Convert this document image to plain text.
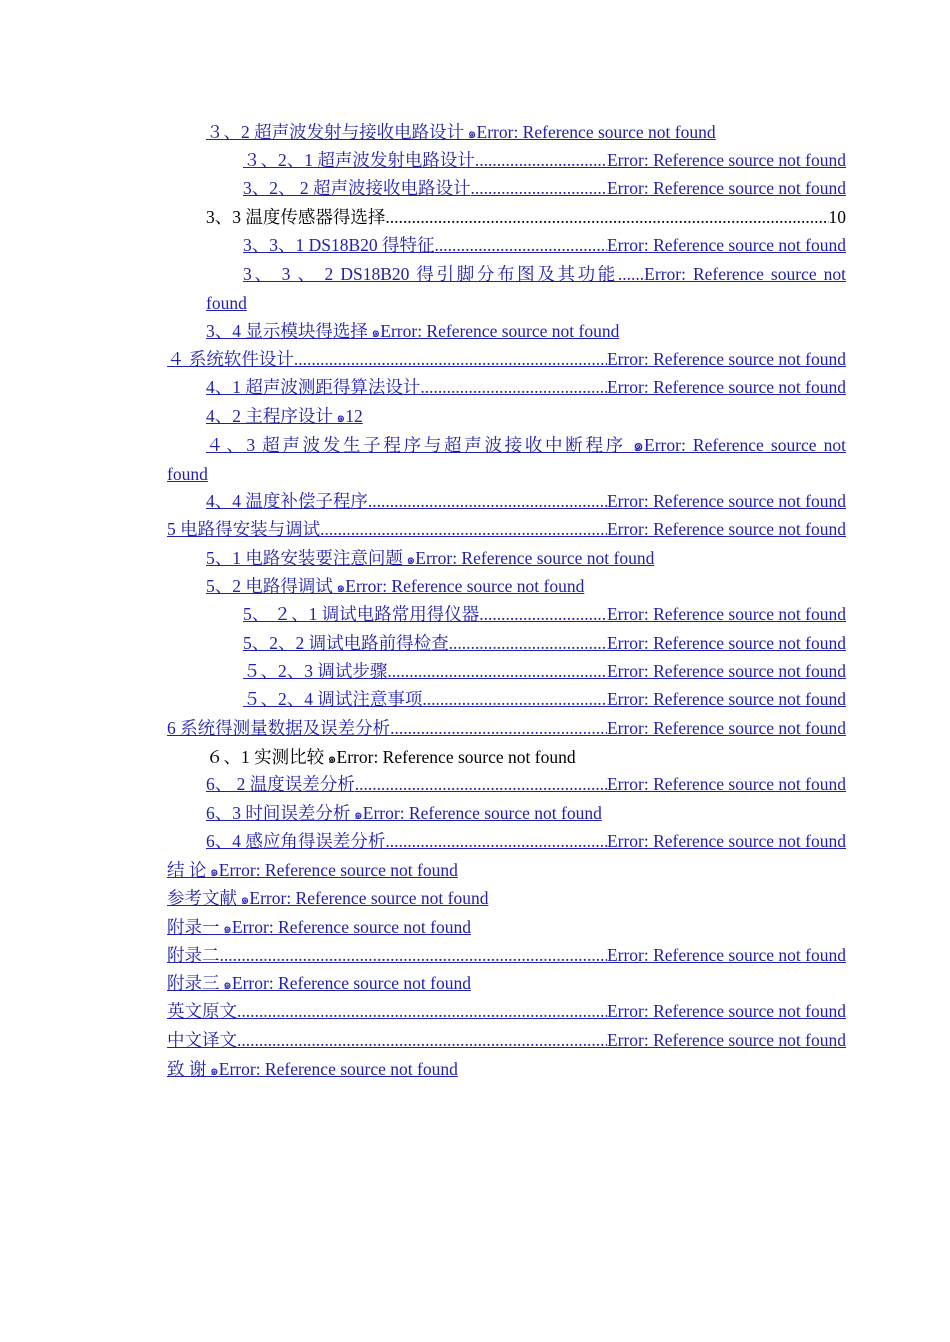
３、2 超声波发射与接收电路设计 ๑Error: Reference source not found
３、2、1 超声波发射电路设计 .....	Error: Reference source not found
3、2、 2 超声波接收电路设计 .....	Error: Reference source not found
3、3 温度传感器得选择 .....	10
3、3、1 DS18B20 得特征 .....	Error: Reference source not found
3、 3 、 2 DS18B20 得引脚分布图及其功能......Error: Reference source not
found
3、4 显示模块得选择 ๑Error: Reference source not found
４ 系统软件设计 .....	Error: Reference source not found
4、1 超声波测距得算法设计 .....	Error: Reference source not found
4、2 主程序设计 ๑12
４、3 超声波发生子程序与超声波接收中断程序 ๑Error: Reference source not
found
4、4 温度补偿子程序 .....	Error: Reference source not found
5 电路得安装与调试 .....	Error: Reference source not found
5、1 电路安装要注意问题 ๑Error: Reference source not found
5、2 电路得调试 ๑Error: Reference source not found
5、 ２、1 调试电路常用得仪器 .....	Error: Reference source not found
5、2、2 调试电路前得检查 .....	Error: Reference source not found
５、2、3 调试步骤 .....	Error: Reference source not found
５、2、4 调试注意事项 .....	Error: Reference source not found
6 系统得测量数据及误差分析 .....	Error: Reference source not found
６、1 实测比较 ๑Error: Reference source not found
6、 2 温度误差分析 .....	Error: Reference source not found
6、3 时间误差分析 ๑Error: Reference source not found
6、4 感应角得误差分析 .....	Error: Reference source not found
结 论 ๑Error: Reference source not found
参考文献 ๑Error: Reference source not found
附录一 ๑Error: Reference source not found
附录二 .....	Error: Reference source not found
附录三 ๑Error: Reference source not found
英文原文 .....	Error: Reference source not found
中文译文 .....	Error: Reference source not found
致 谢 ๑Error: Reference source not found
